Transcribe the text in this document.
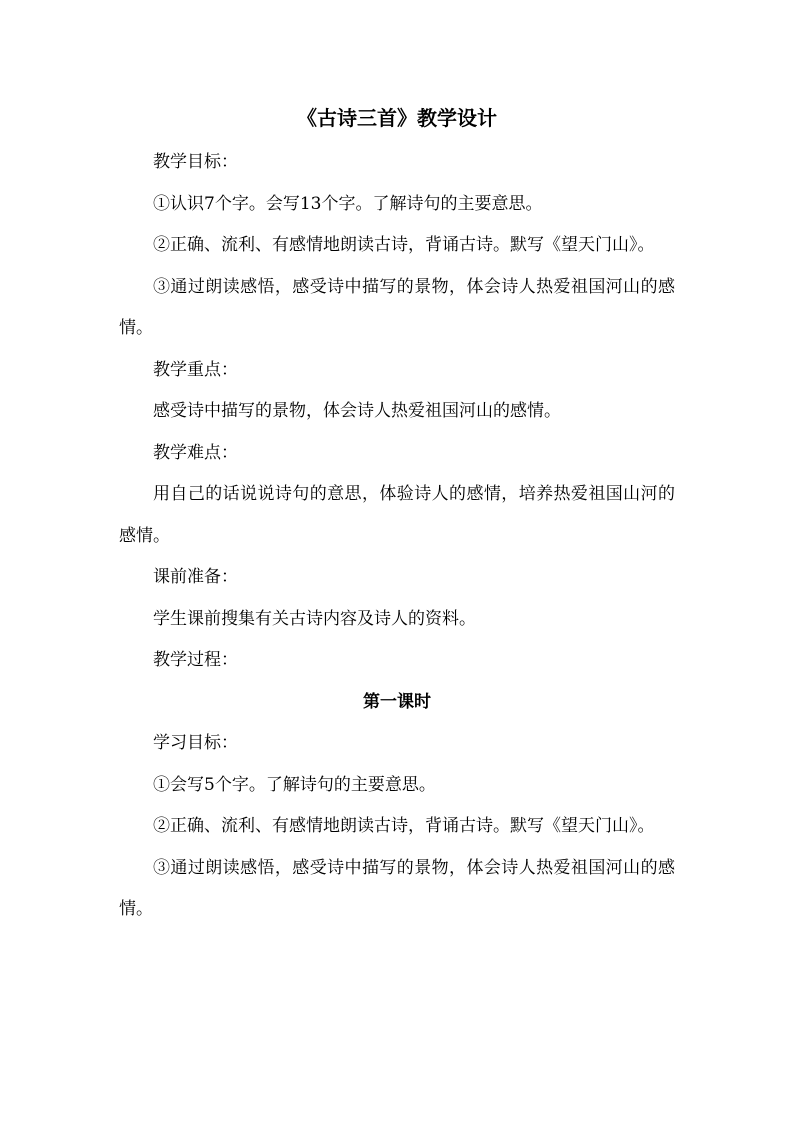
《古诗三首》教学设计

教学目标：

①认识7个字。会写13个字。了解诗句的主要意思。

②正确、流利、有感情地朗读古诗，背诵古诗。默写《望天门山》。

③通过朗读感悟，感受诗中描写的景物，体会诗人热爱祖国河山的感情。

教学重点：

感受诗中描写的景物，体会诗人热爱祖国河山的感情。

教学难点：

用自己的话说说诗句的意思，体验诗人的感情，培养热爱祖国山河的感情。

课前准备：

学生课前搜集有关古诗内容及诗人的资料。

教学过程：

第一课时

学习目标：

①会写5个字。了解诗句的主要意思。

②正确、流利、有感情地朗读古诗，背诵古诗。默写《望天门山》。

③通过朗读感悟，感受诗中描写的景物，体会诗人热爱祖国河山的感情。
